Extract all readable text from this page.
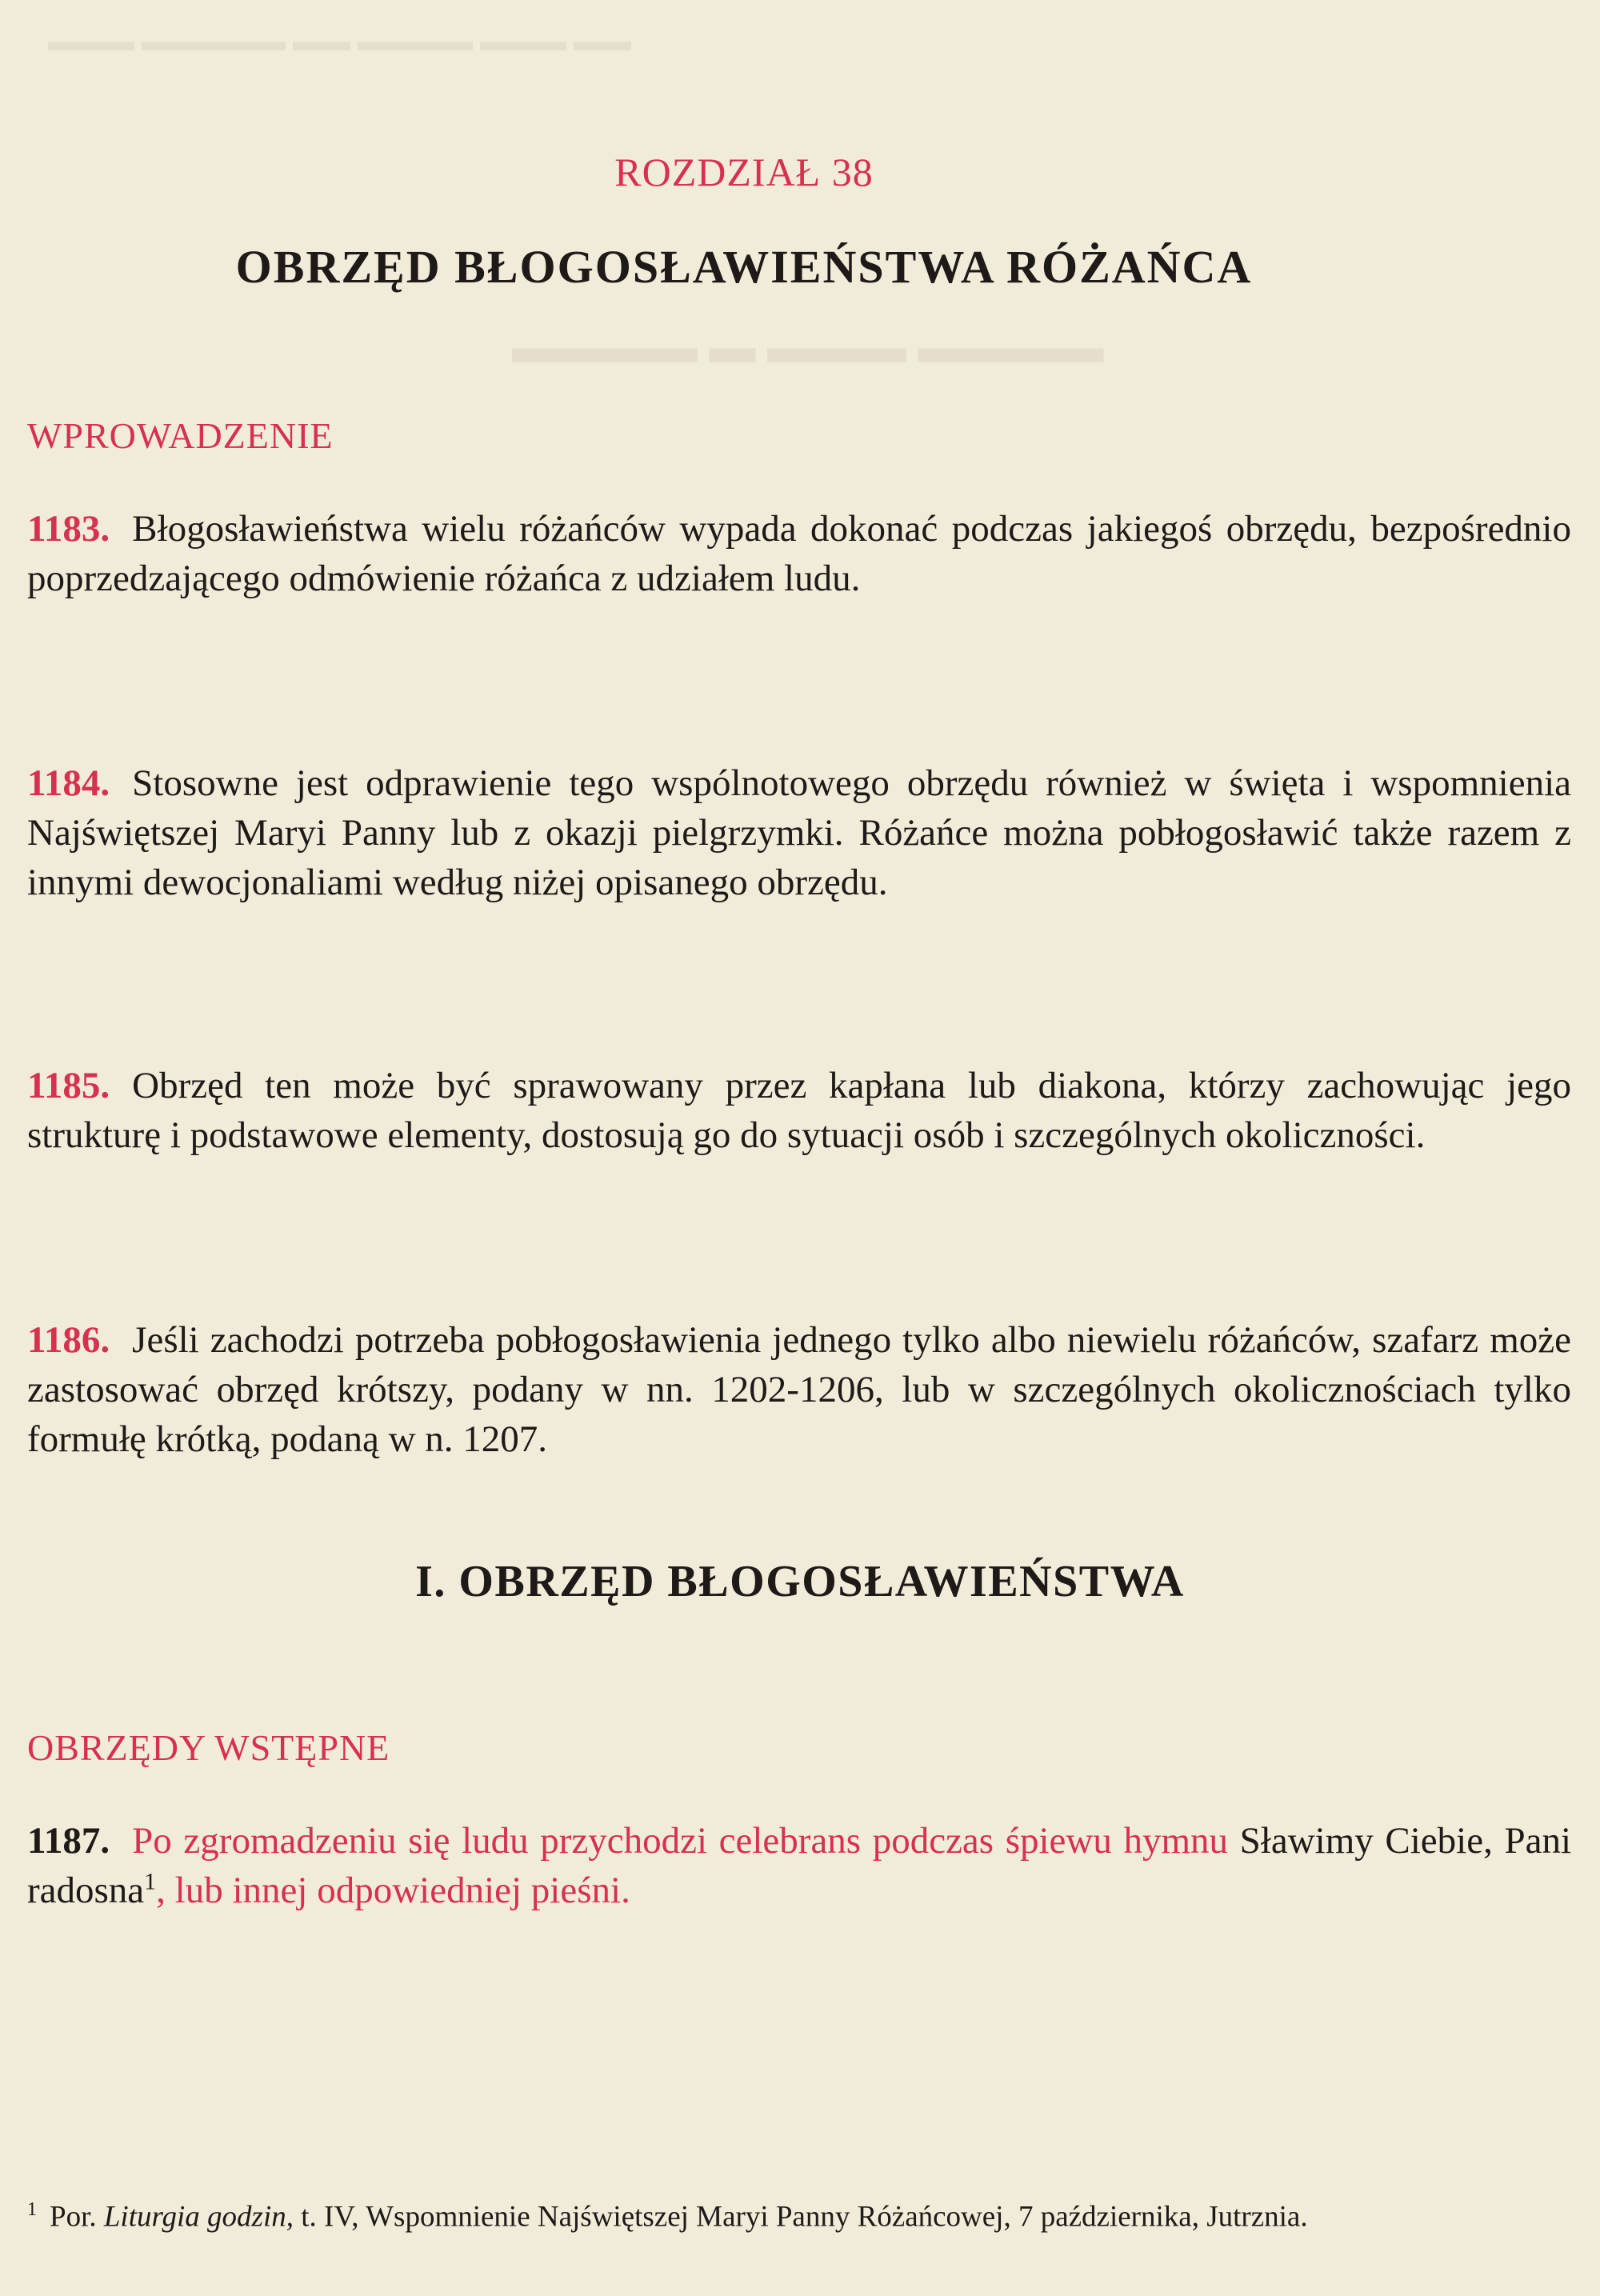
▬▬ ▬▬▬ ▬▬▬▬ ▬▬ ▬▬▬▬▬ ▬▬▬
▬▬▬▬ ▬▬▬ ▬ ▬▬▬▬
ROZDZIAŁ 38
OBRZĘD BŁOGOSŁAWIEŃSTWA RÓŻAŃCA
WPROWADZENIE
1183. Błogosławieństwa wielu różańców wypada dokonać podczas jakiegoś obrzędu, bezpośrednio poprzedzającego odmówienie różańca z udziałem ludu.
1184. Stosowne jest odprawienie tego wspólnotowego obrzędu również w święta i wspomnienia Najświętszej Maryi Panny lub z okazji pielgrzymki. Różańce można pobłogosławić także razem z innymi dewocjonaliami według niżej opisanego obrzędu.
1185. Obrzęd ten może być sprawowany przez kapłana lub diakona, którzy zachowując jego strukturę i podstawowe elementy, dostosują go do sytuacji osób i szczególnych okoliczności.
1186. Jeśli zachodzi potrzeba pobłogosławienia jednego tylko albo niewielu różańców, szafarz może zastosować obrzęd krótszy, podany w nn. 1202-1206, lub w szczególnych okolicznościach tylko formułę krótką, podaną w n. 1207.
I. OBRZĘD BŁOGOSŁAWIEŃSTWA
OBRZĘDY WSTĘPNE
1187. Po zgromadzeniu się ludu przychodzi celebrans podczas śpiewu hymnu Sławimy Ciebie, Pani radosna$^1$, lub innej odpowiedniej pieśni.
$^1$ Por. Liturgia godzin, t. IV, Wspomnienie Najświętszej Maryi Panny Różańcowej, 7 października, Jutrznia.
